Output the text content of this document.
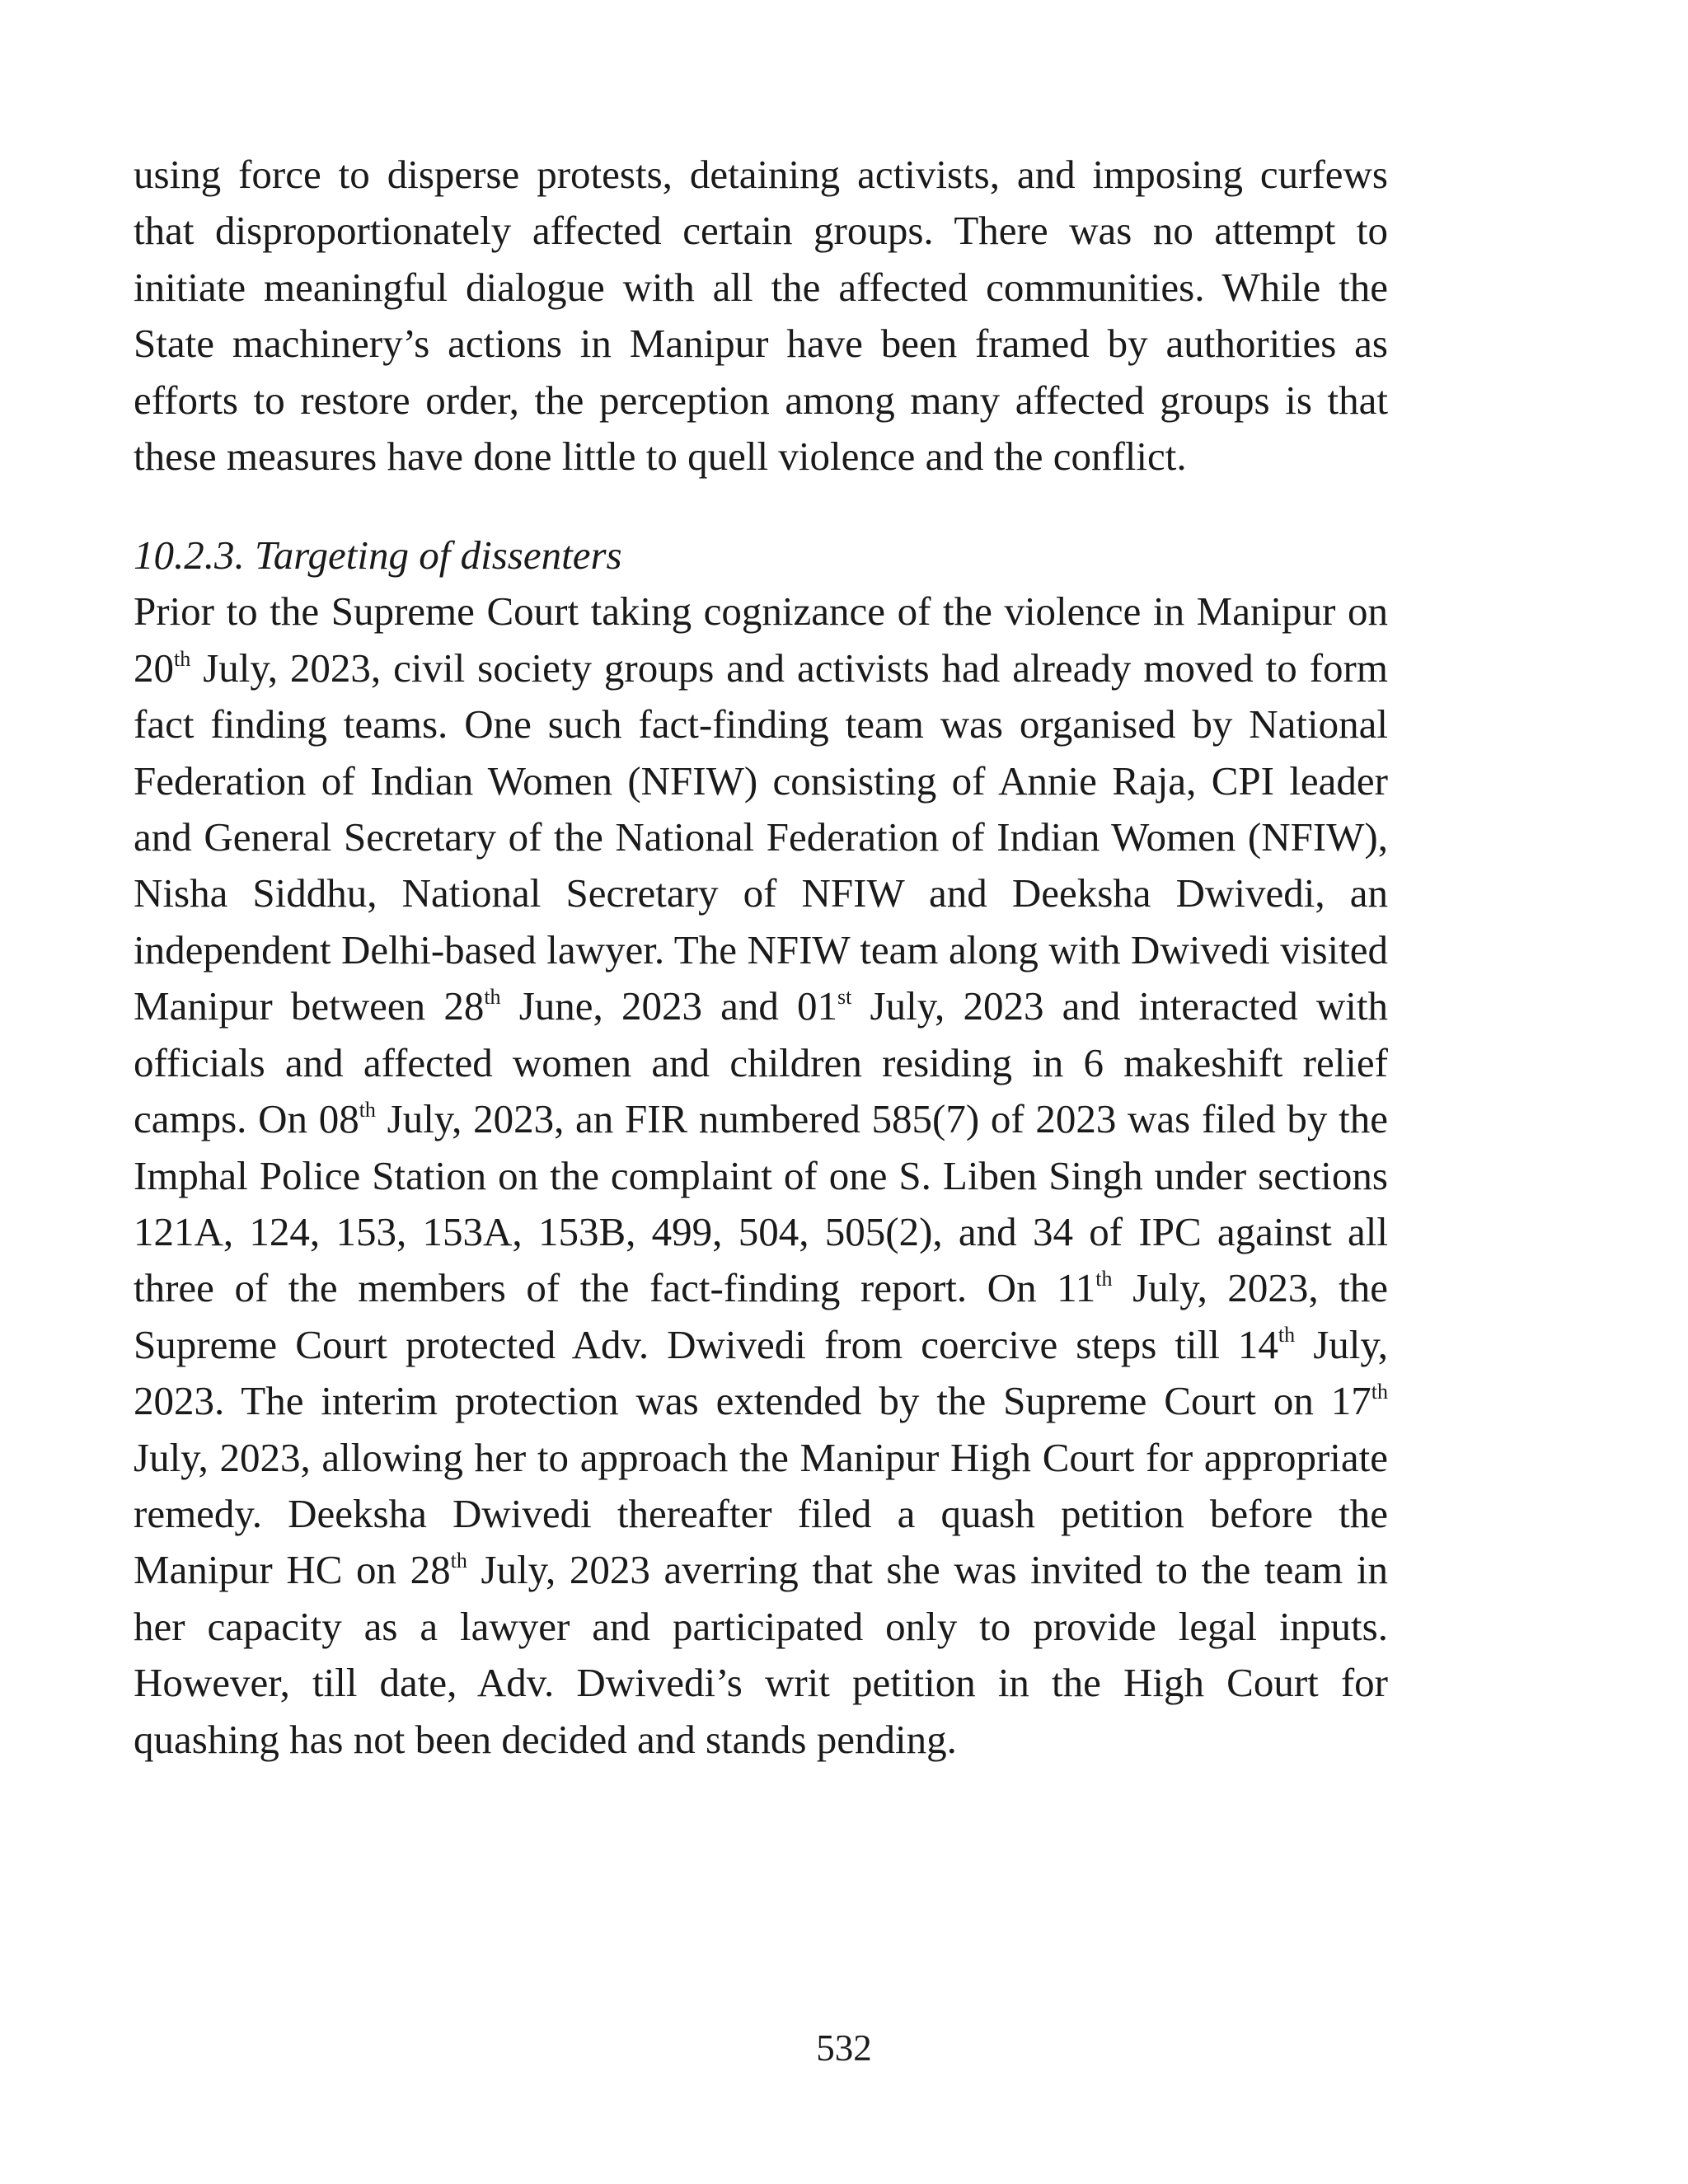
using force to disperse protests, detaining activists, and imposing curfews that disproportionately affected certain groups. There was no attempt to initiate meaningful dialogue with all the affected communities. While the State machinery’s actions in Manipur have been framed by authorities as efforts to restore order, the perception among many affected groups is that these measures have done little to quell violence and the conflict.

10.2.3. Targeting of dissenters

Prior to the Supreme Court taking cognizance of the violence in Manipur on 20th July, 2023, civil society groups and activists had already moved to form fact finding teams. One such fact-finding team was organised by National Federation of Indian Women (NFIW) consisting of Annie Raja, CPI leader and General Secretary of the National Federation of Indian Women (NFIW), Nisha Siddhu, National Secretary of NFIW and Deeksha Dwivedi, an independent Delhi-based lawyer. The NFIW team along with Dwivedi visited Manipur between 28th June, 2023 and 01st July, 2023 and interacted with officials and affected women and children residing in 6 makeshift relief camps. On 08th July, 2023, an FIR numbered 585(7) of 2023 was filed by the Imphal Police Station on the complaint of one S. Liben Singh under sections 121A, 124, 153, 153A, 153B, 499, 504, 505(2), and 34 of IPC against all three of the members of the fact-finding report. On 11th July, 2023, the Supreme Court protected Adv. Dwivedi from coercive steps till 14th July, 2023. The interim protection was extended by the Supreme Court on 17th July, 2023, allowing her to approach the Manipur High Court for appropriate remedy. Deeksha Dwivedi thereafter filed a quash petition before the Manipur HC on 28th July, 2023 averring that she was invited to the team in her capacity as a lawyer and participated only to provide legal inputs. However, till date, Adv. Dwivedi’s writ petition in the High Court for quashing has not been decided and stands pending.

532
